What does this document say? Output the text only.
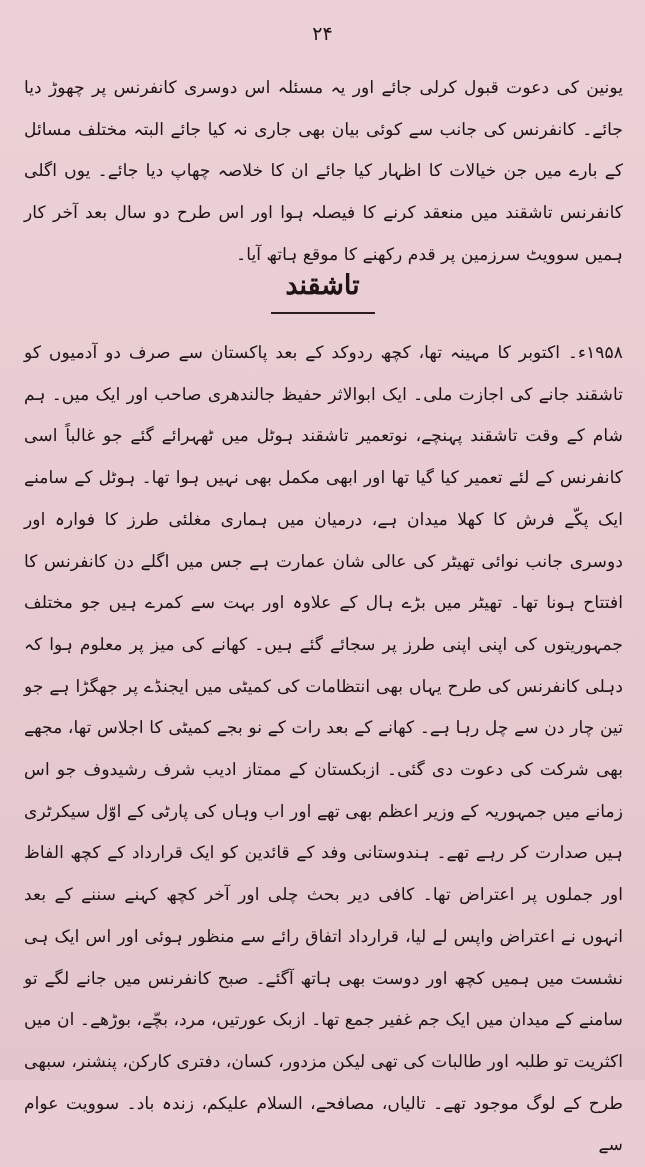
۲۴

یونین کی دعوت قبول کرلی جائے اور یہ مسئلہ اس دوسری کانفرنس پر چھوڑ دیا جائے۔ کانفرنس کی جانب سے کوئی بیان بھی جاری نہ کیا جائے البتہ مختلف مسائل کے بارے میں جن خیالات کا اظہار کیا جائے ان کا خلاصہ چھاپ دیا جائے۔ یوں اگلی کانفرنس تاشقند میں منعقد کرنے کا فیصلہ ہوا اور اس طرح دو سال بعد آخر کار ہمیں سوویٹ سرزمین پر قدم رکھنے کا موقع ہاتھ آیا۔

تاشقند

۱۹۵۸ء۔ اکتوبر کا مہینہ تھا، کچھ ردوکد کے بعد پاکستان سے صرف دو آدمیوں کو تاشقند جانے کی اجازت ملی۔ ایک ابوالاثر حفیظ جالندھری صاحب اور ایک میں۔ ہم شام کے وقت تاشقند پہنچے، نوتعمیر تاشقند ہوٹل میں ٹھہرائے گئے جو غالباً اسی کانفرنس کے لئے تعمیر کیا گیا تھا اور ابھی مکمل بھی نہیں ہوا تھا۔ ہوٹل کے سامنے ایک پکّے فرش کا کھلا میدان ہے، درمیان میں ہماری مغلئی طرز کا فوارہ اور دوسری جانب نوائی تھیٹر کی عالی شان عمارت ہے جس میں اگلے دن کانفرنس کا افتتاح ہونا تھا۔ تھیٹر میں بڑے ہال کے علاوہ اور بہت سے کمرے ہیں جو مختلف جمہوریتوں کی اپنی اپنی طرز پر سجائے گئے ہیں۔ کھانے کی میز پر معلوم ہوا کہ دہلی کانفرنس کی طرح یہاں بھی انتظامات کی کمیٹی میں ایجنڈے پر جھگڑا ہے جو تین چار دن سے چل رہا ہے۔ کھانے کے بعد رات کے نو بجے کمیٹی کا اجلاس تھا، مجھے بھی شرکت کی دعوت دی گئی۔ ازبکستان کے ممتاز ادیب شرف رشیدوف جو اس زمانے میں جمہوریہ کے وزیر اعظم بھی تھے اور اب وہاں کی پارٹی کے اوّل سیکرٹری ہیں صدارت کر رہے تھے۔ ہندوستانی وفد کے قائدین کو ایک قرارداد کے کچھ الفاظ اور جملوں پر اعتراض تھا۔ کافی دیر بحث چلی اور آخر کچھ کہنے سننے کے بعد انہوں نے اعتراض واپس لے لیا، قرارداد اتفاق رائے سے منظور ہوئی اور اس ایک ہی نشست میں ہمیں کچھ اور دوست بھی ہاتھ آگئے۔ صبح کانفرنس میں جانے لگے تو سامنے کے میدان میں ایک جم غفیر جمع تھا۔ ازبک عورتیں، مرد، بچّے، بوڑھے۔ ان میں اکثریت تو طلبہ اور طالبات کی تھی لیکن مزدور، کسان، دفتری کارکن، پنشنر، سبھی طرح کے لوگ موجود تھے۔ تالیاں، مصافحے، السلام علیکم، زندہ باد۔ سوویت عوام سے
